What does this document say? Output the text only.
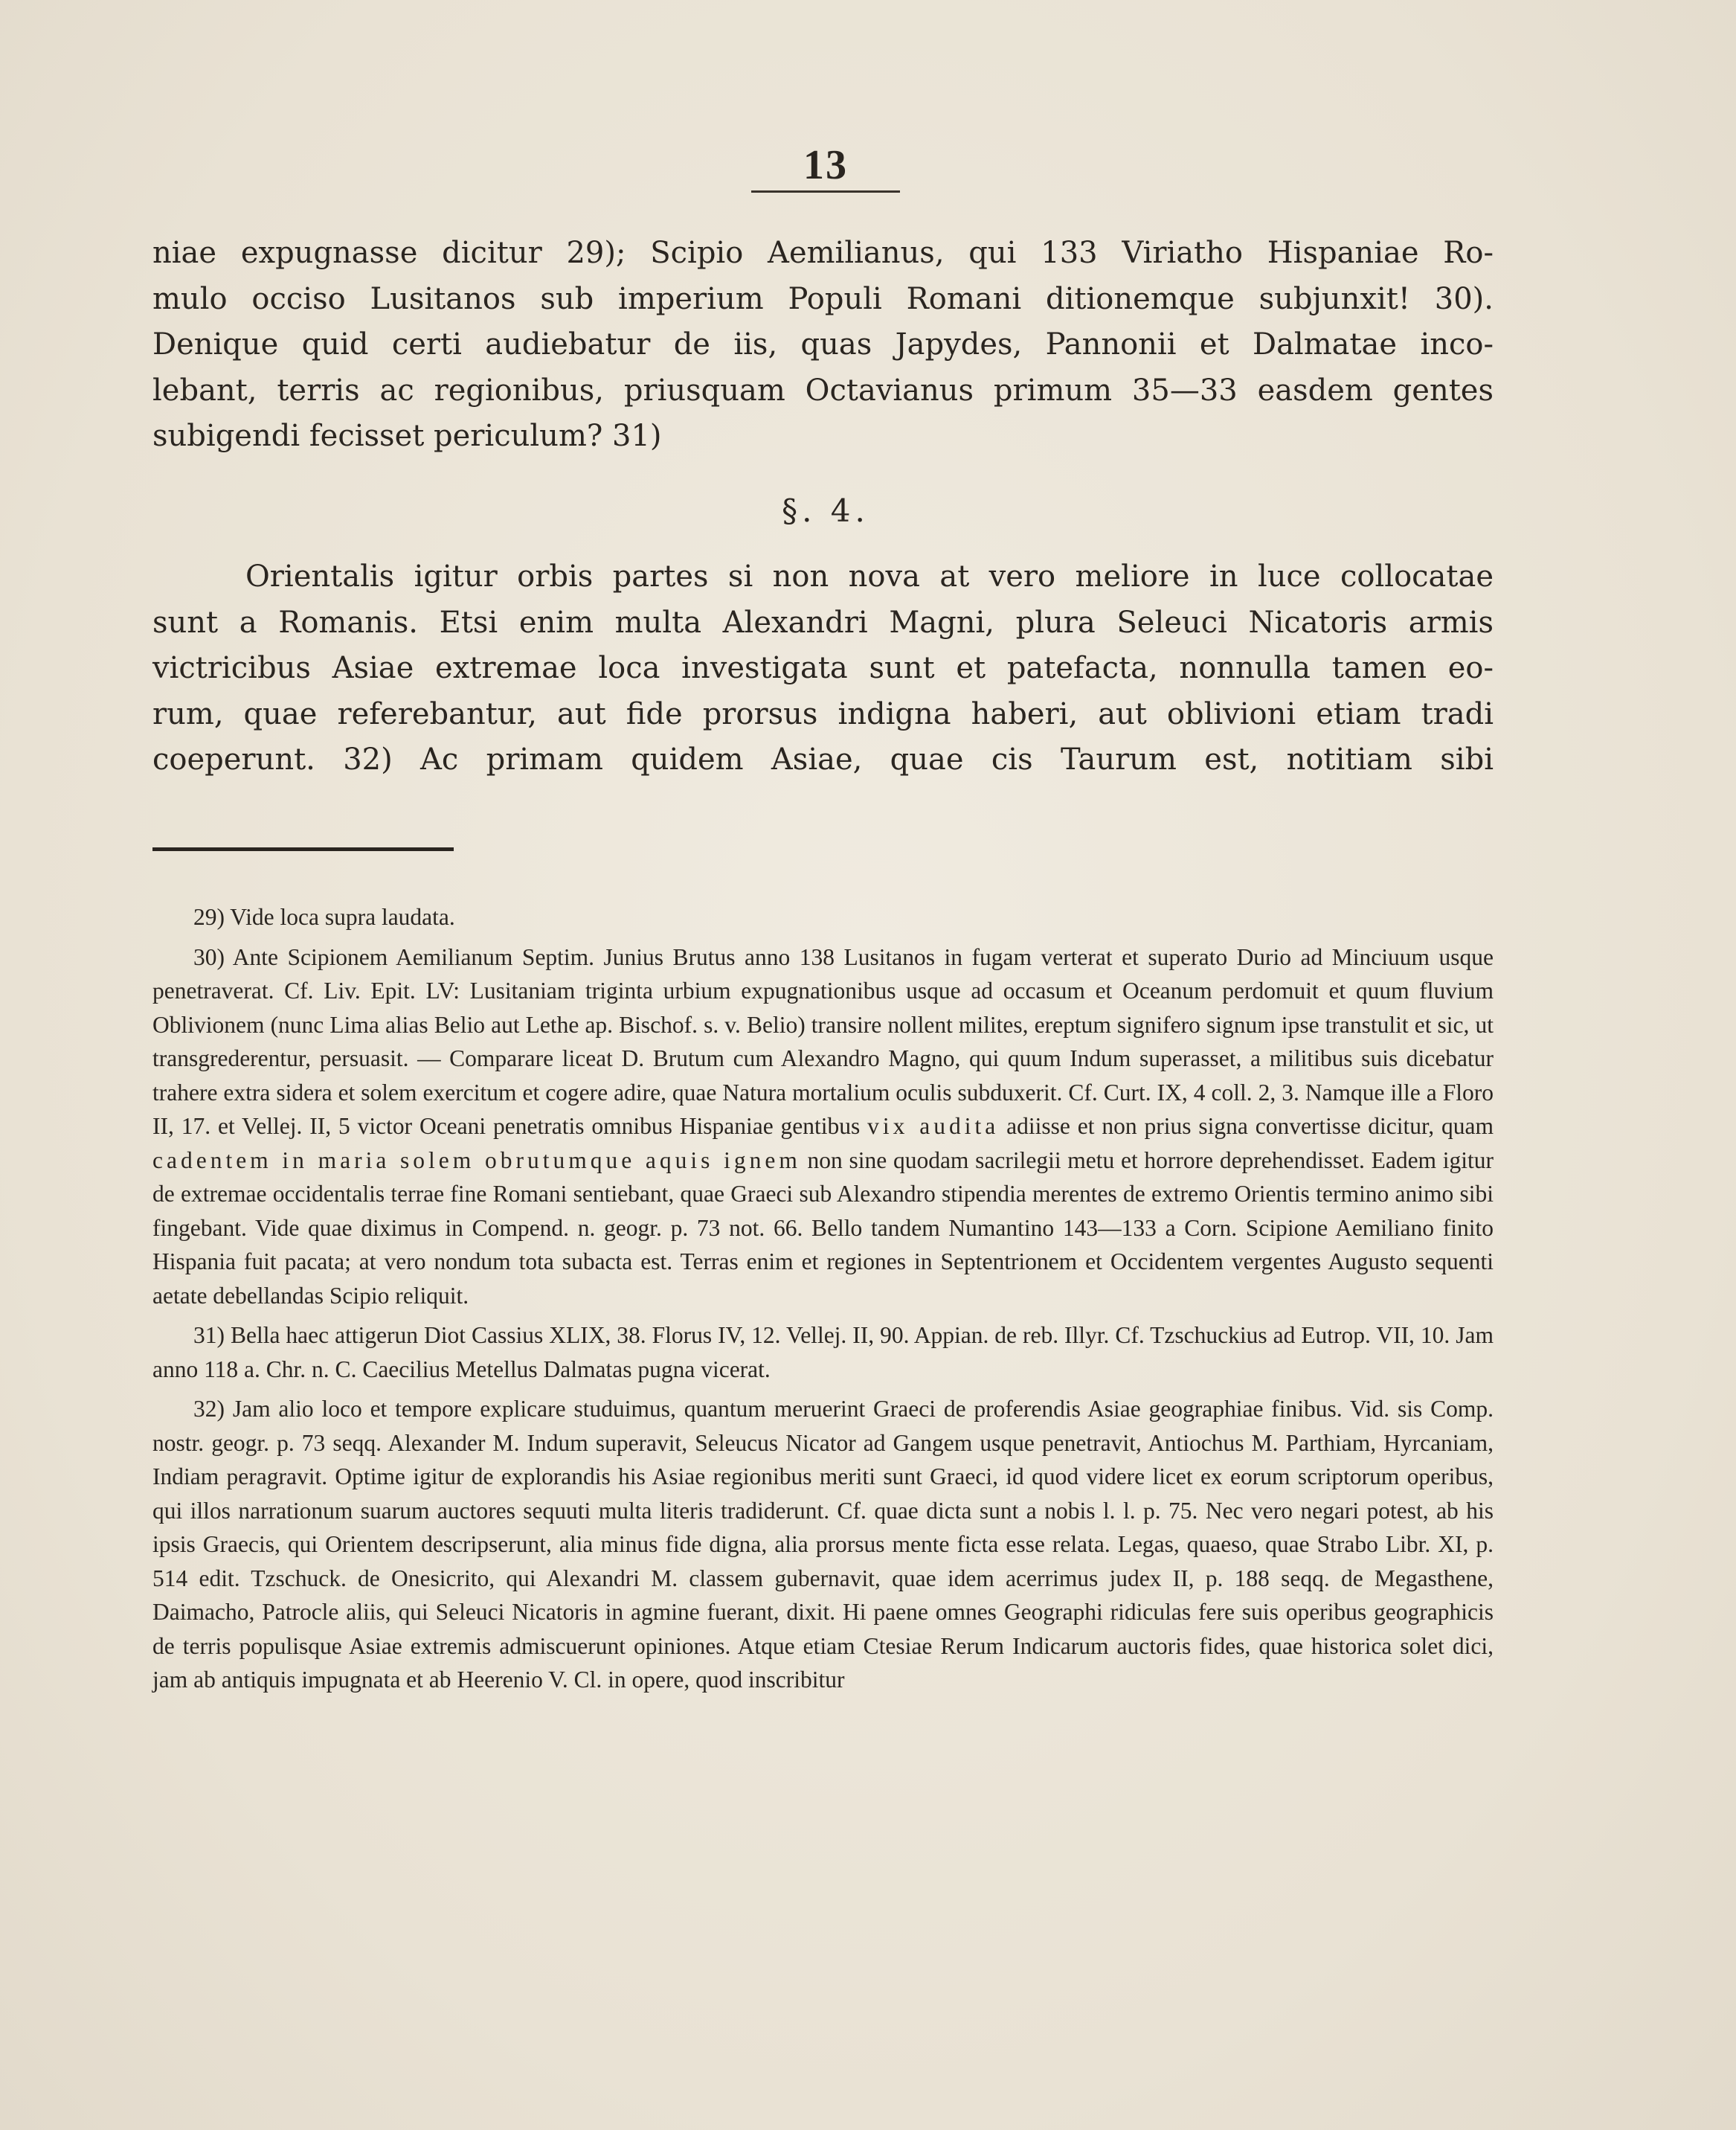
13
niae expugnasse dicitur 29); Scipio Aemilianus, qui 133 Viriatho Hispaniae Ro-
mulo occiso Lusitanos sub imperium Populi Romani ditionemque subjunxit! 30).
Denique quid certi audiebatur de iis, quas Japydes, Pannonii et Dalmatae inco-
lebant, terris ac regionibus, priusquam Octavianus primum 35—33 easdem gentes
subigendi fecisset periculum? 31)
§. 4.
Orientalis igitur orbis partes si non nova at vero meliore in luce collocatae
sunt a Romanis. Etsi enim multa Alexandri Magni, plura Seleuci Nicatoris armis
victricibus Asiae extremae loca investigata sunt et patefacta, nonnulla tamen eo-
rum, quae referebantur, aut fide prorsus indigna haberi, aut oblivioni etiam tradi
coeperunt. 32) Ac primam quidem Asiae, quae cis Taurum est, notitiam sibi

29) Vide loca supra laudata.

30) Ante Scipionem Aemilianum Septim. Junius Brutus anno 138 Lusitanos in fugam verterat et superato Durio ad Minciuum usque penetraverat. Cf. Liv. Epit. LV: Lusitaniam triginta urbium expugnationibus usque ad occasum et Oceanum perdomuit et quum fluvium Oblivionem (nunc Lima alias Belio aut Lethe ap. Bischof. s. v. Belio) transire nollent milites, ereptum signifero signum ipse transtulit et sic, ut transgrederentur, persuasit. — Comparare liceat D. Brutum cum Alexandro Magno, qui quum Indum superasset, a militibus suis dicebatur trahere extra sidera et solem exercitum et cogere adire, quae Natura mortalium oculis subduxerit. Cf. Curt. IX, 4 coll. 2, 3. Namque ille a Floro II, 17. et Vellej. II, 5 victor Oceani penetratis omnibus Hispaniae gentibus vix audita adiisse et non prius signa convertisse dicitur, quam cadentem in maria solem obrutumque aquis ignem non sine quodam sacrilegii metu et horrore deprehendisset. Eadem igitur de extremae occidentalis terrae fine Romani sentiebant, quae Graeci sub Alexandro stipendia merentes de extremo Orientis termino animo sibi fingebant. Vide quae diximus in Compend. n. geogr. p. 73 not. 66. Bello tandem Numantino 143—133 a Corn. Scipione Aemiliano finito Hispania fuit pacata; at vero nondum tota subacta est. Terras enim et regiones in Septentrionem et Occidentem vergentes Augusto sequenti aetate debellandas Scipio reliquit.

31) Bella haec attigerun Diot Cassius XLIX, 38. Florus IV, 12. Vellej. II, 90. Appian. de reb. Illyr. Cf. Tzschuckius ad Eutrop. VII, 10. Jam anno 118 a. Chr. n. C. Caecilius Metellus Dalmatas pugna vicerat.

32) Jam alio loco et tempore explicare studuimus, quantum meruerint Graeci de proferendis Asiae geographiae finibus. Vid. sis Comp. nostr. geogr. p. 73 seqq. Alexander M. Indum superavit, Seleucus Nicator ad Gangem usque penetravit, Antiochus M. Parthiam, Hyrcaniam, Indiam peragravit. Optime igitur de explorandis his Asiae regionibus meriti sunt Graeci, id quod videre licet ex eorum scriptorum operibus, qui illos narrationum suarum auctores sequuti multa literis tradiderunt. Cf. quae dicta sunt a nobis l. l. p. 75. Nec vero negari potest, ab his ipsis Graecis, qui Orientem descripserunt, alia minus fide digna, alia prorsus mente ficta esse relata. Legas, quaeso, quae Strabo Libr. XI, p. 514 edit. Tzschuck. de Onesicrito, qui Alexandri M. classem gubernavit, quae idem acerrimus judex II, p. 188 seqq. de Megasthene, Daimacho, Patrocle aliis, qui Seleuci Nicatoris in agmine fuerant, dixit. Hi paene omnes Geographi ridiculas fere suis operibus geographicis de terris populisque Asiae extremis admiscuerunt opiniones. Atque etiam Ctesiae Rerum Indicarum auctoris fides, quae historica solet dici, jam ab antiquis impugnata et ab Heerenio V. Cl. in opere, quod inscribitur
